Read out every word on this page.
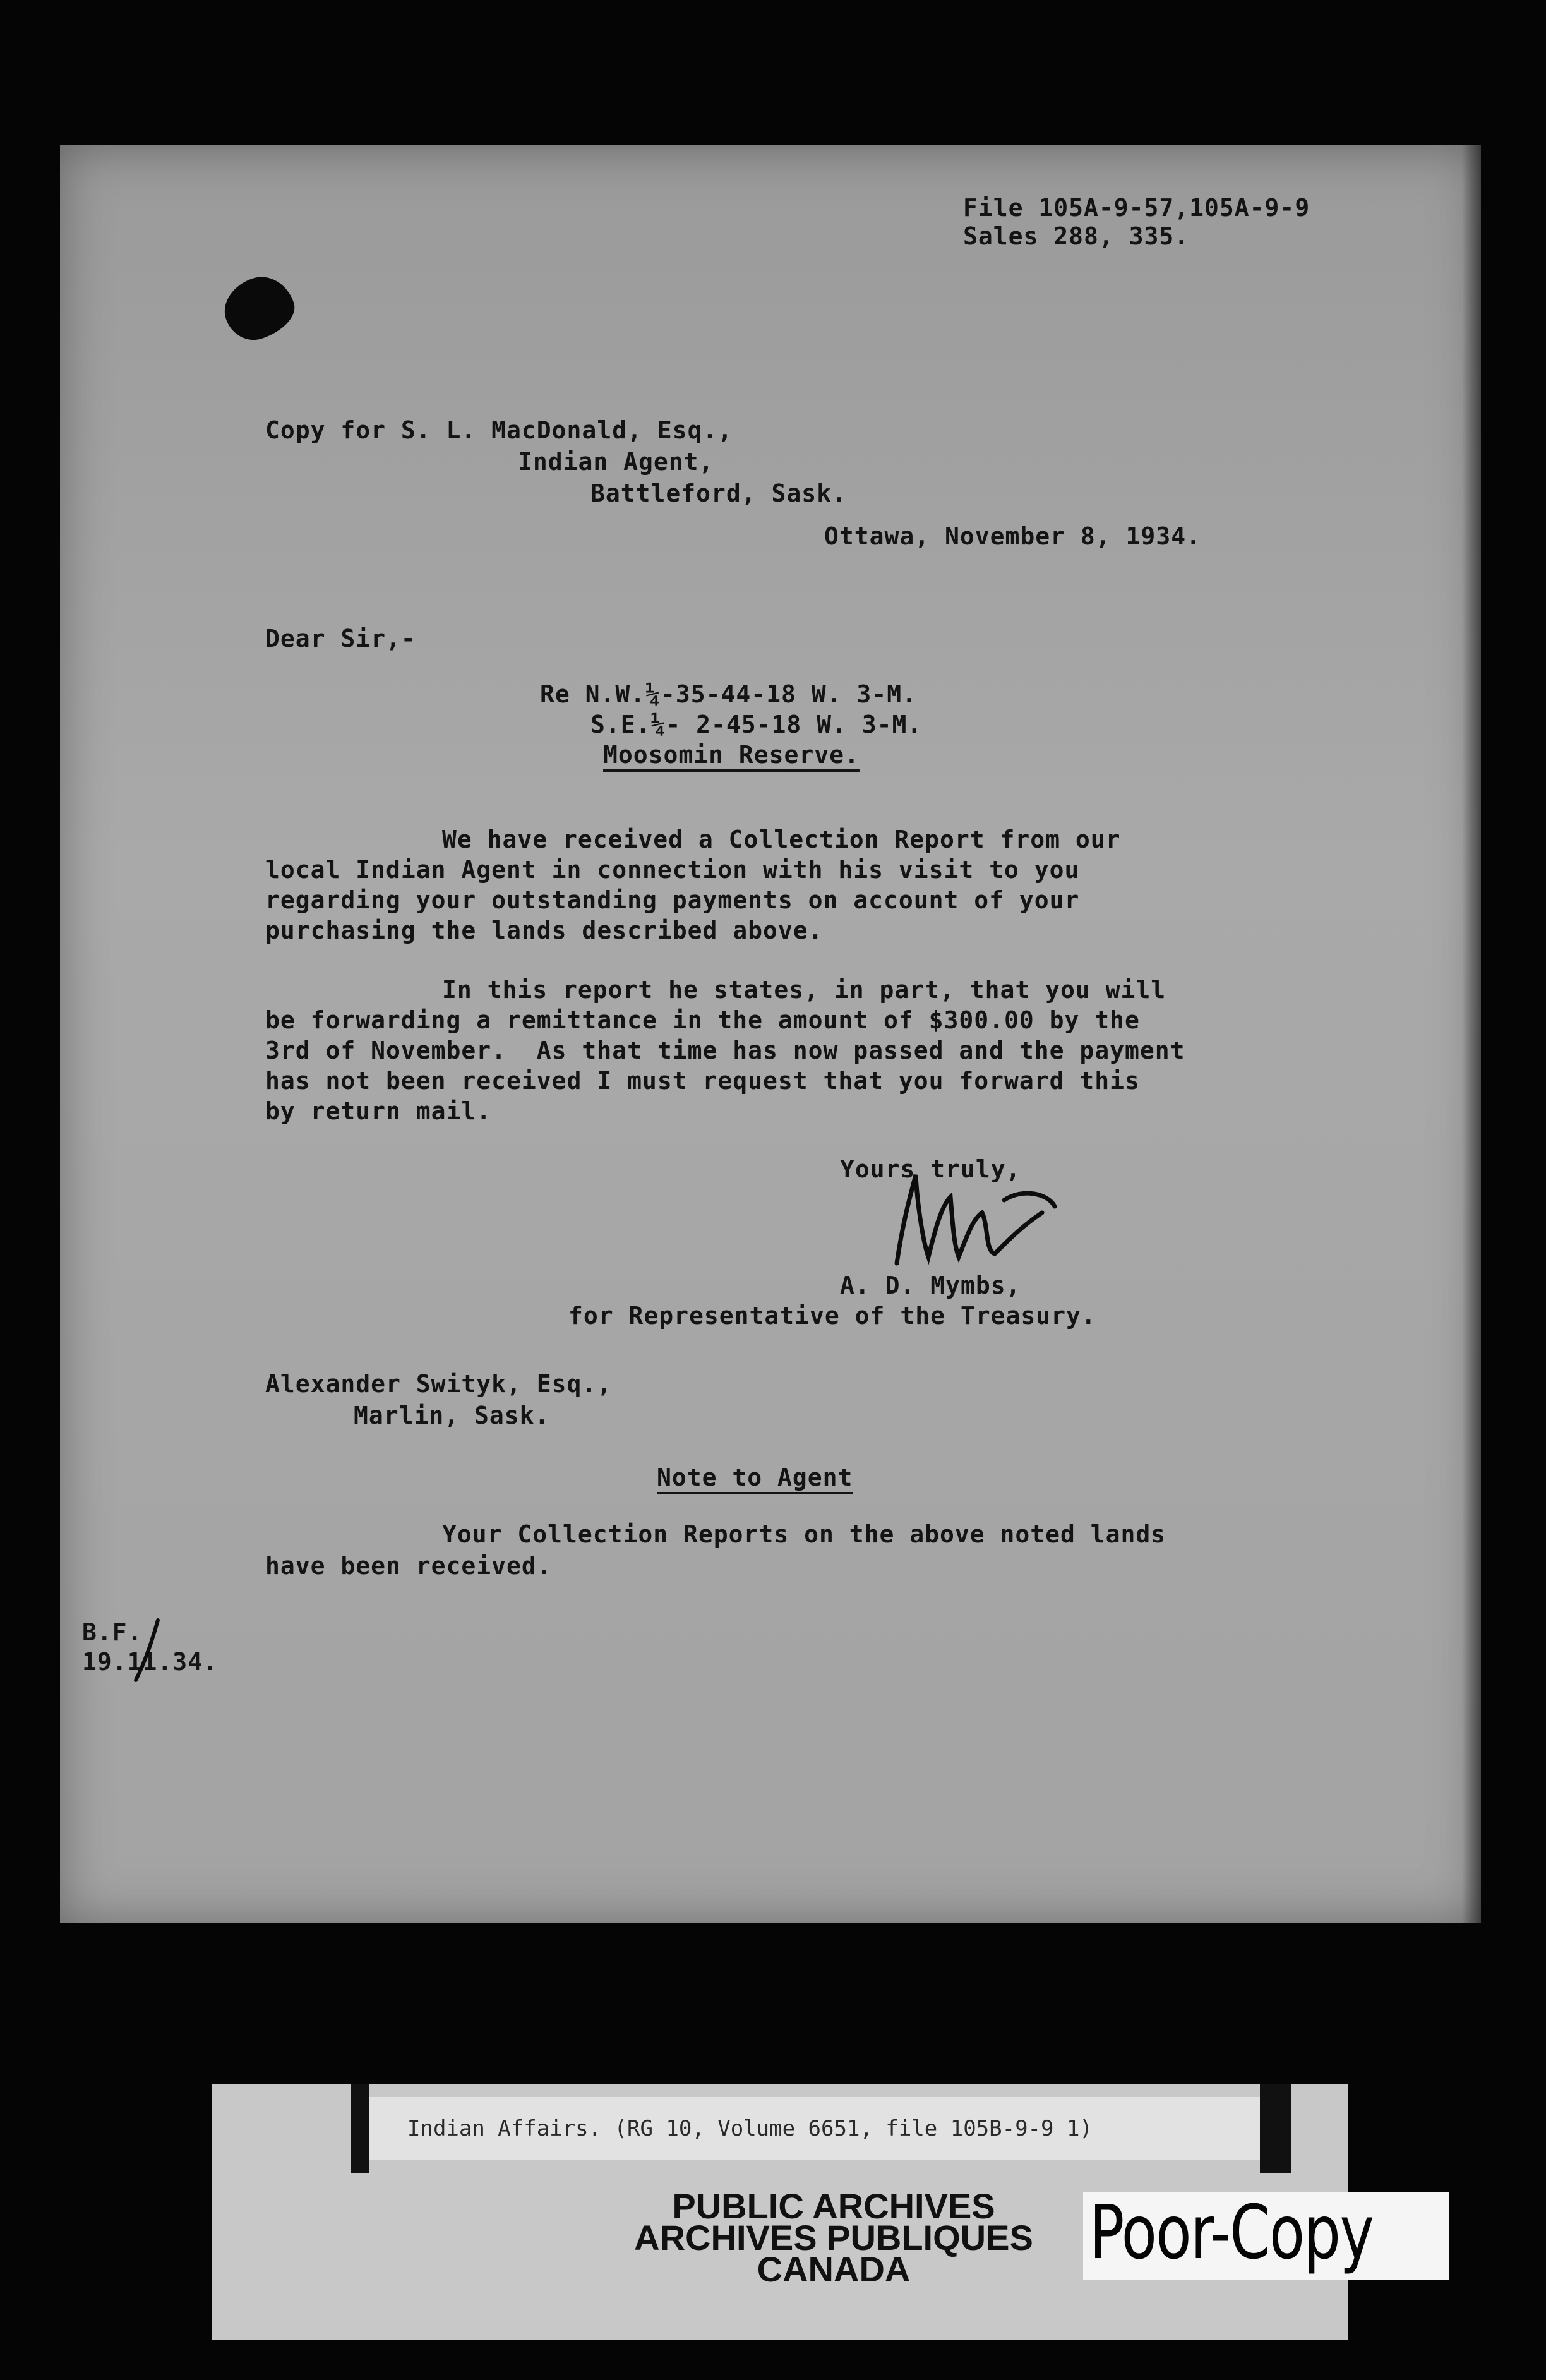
File 105A-9-57,105A-9-9
Sales 288, 335.
Copy for S. L. MacDonald, Esq.,
Indian Agent,
Battleford, Sask.
Ottawa, November 8, 1934.
Dear Sir,-
Re N.W.¼-35-44-18 W. 3-M.
S.E.¼- 2-45-18 W. 3-M.
Moosomin Reserve.
We have received a Collection Report from our
local Indian Agent in connection with his visit to you
regarding your outstanding payments on account of your
purchasing the lands described above.
In this report he states, in part, that you will
be forwarding a remittance in the amount of $300.00 by the
3rd of November.  As that time has now passed and the payment
has not been received I must request that you forward this
by return mail.
Yours truly,
A. D. Mymbs,
for Representative of the Treasury.
Alexander Swityk, Esq.,
Marlin, Sask.
Note to Agent
Your Collection Reports on the above noted lands
have been received.
B.F.
19.11.34.
Indian Affairs. (RG 10, Volume 6651, file 105B-9-9 1)
PUBLIC ARCHIVES
ARCHIVES PUBLIQUES
CANADA	Poor-Copy
